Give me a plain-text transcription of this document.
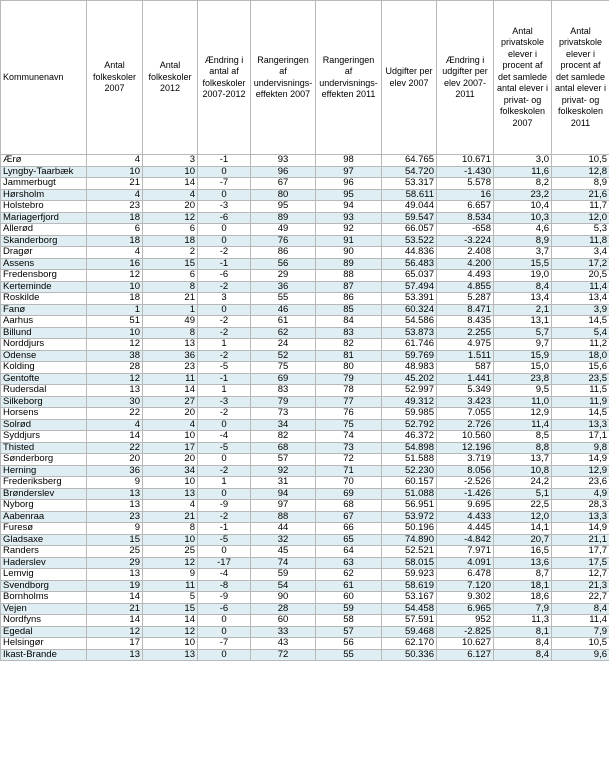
Kommunenavn	Antal folkeskoler 2007	Antal folkeskoler 2012	Ændring i antal af folkeskoler 2007-2012	Rangeringen af undervisnings-effekten 2007	Rangeringen af undervisnings-effekten 2011	Udgifter per elev 2007	Ændring i udgifter per elev 2007-2011	Antal privatskole elever i procent af det samlede antal elever i privat- og folkeskolen 2007	Antal privatskole elever i procent af det samlede antal elever i privat- og folkeskolen 2011
Ærø	4	3	-1	93	98	64.765	10.671	3,0	10,5
Lyngby-Taarbæk	10	10	0	96	97	54.720	-1.430	11,6	12,8
Jammerbugt	21	14	-7	67	96	53.317	5.578	8,2	8,9
Hørsholm	4	4	0	80	95	58.611	16	23,2	21,6
Holstebro	23	20	-3	95	94	49.044	6.657	10,4	11,7
Mariagerfjord	18	12	-6	89	93	59.547	8.534	10,3	12,0
Allerød	6	6	0	49	92	66.057	-658	4,6	5,3
Skanderborg	18	18	0	76	91	53.522	-3.224	8,9	11,8
Dragør	4	2	-2	86	90	44.836	2.408	3,7	3,4
Assens	16	15	-1	56	89	56.483	4.200	15,5	17,2
Fredensborg	12	6	-6	29	88	65.037	4.493	19,0	20,5
Kerteminde	10	8	-2	36	87	57.494	4.855	8,4	11,4
Roskilde	18	21	3	55	86	53.391	5.287	13,4	13,4
Fanø	1	1	0	46	85	60.324	8.471	2,1	3,9
Aarhus	51	49	-2	61	84	54.586	8.435	13,1	14,5
Billund	10	8	-2	62	83	53.873	2.255	5,7	5,4
Norddjurs	12	13	1	24	82	61.746	4.975	9,7	11,2
Odense	38	36	-2	52	81	59.769	1.511	15,9	18,0
Kolding	28	23	-5	75	80	48.983	587	15,0	15,6
Gentofte	12	11	-1	69	79	45.202	1.441	23,8	23,5
Rudersdal	13	14	1	83	78	52.997	5.349	9,5	11,5
Silkeborg	30	27	-3	79	77	49.312	3.423	11,0	11,9
Horsens	22	20	-2	73	76	59.985	7.055	12,9	14,5
Solrød	4	4	0	34	75	52.792	2.726	11,4	13,3
Syddjurs	14	10	-4	82	74	46.372	10.560	8,5	17,1
Thisted	22	17	-5	68	73	54.898	12.196	8,8	9,8
Sønderborg	20	20	0	57	72	51.588	3.719	13,7	14,9
Herning	36	34	-2	92	71	52.230	8.056	10,8	12,9
Frederiksberg	9	10	1	31	70	60.157	-2.526	24,2	23,6
Brønderslev	13	13	0	94	69	51.088	-1.426	5,1	4,9
Nyborg	13	4	-9	97	68	56.951	9.695	22,5	28,3
Aabenraa	23	21	-2	88	67	53.972	4.433	12,0	13,3
Furesø	9	8	-1	44	66	50.196	4.445	14,1	14,9
Gladsaxe	15	10	-5	32	65	74.890	-4.842	20,7	21,1
Randers	25	25	0	45	64	52.521	7.971	16,5	17,7
Haderslev	29	12	-17	74	63	58.015	4.091	13,6	17,5
Lemvig	13	9	-4	59	62	59.923	6.478	8,7	12,7
Svendborg	19	11	-8	54	61	58.619	7.120	18,1	21,3
Bornholms	14	5	-9	90	60	53.167	9.302	18,6	22,7
Vejen	21	15	-6	28	59	54.458	6.965	7,9	8,4
Nordfyns	14	14	0	60	58	57.591	952	11,3	11,4
Egedal	12	12	0	33	57	59.468	-2.825	8,1	7,9
Helsingør	17	10	-7	43	56	62.170	10.627	8,4	10,5
Ikast-Brande	13	13	0	72	55	50.336	6.127	8,4	9,6
